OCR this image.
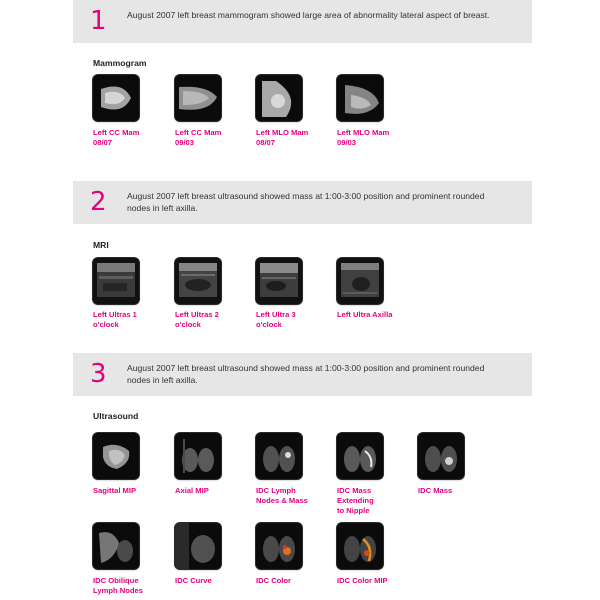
1 August 2007 left breast mammogram showed large area of abnormality lateral aspect of breast.
Mammogram
Left CC Mam
08/07
Left CC Mam
09/03
Left MLO Mam
08/07
Left MLO Mam
09/03
2 August 2007 left breast ultrasound showed mass at 1:00-3:00 position and prominent rounded nodes in left axilla.
MRI
Left Ultras 1
o'clock
Left Ultras 2
o'clock
Left Ultra 3
o'clock
Left Ultra Axilla
3 August 2007 left breast ultrasound showed mass at 1:00-3:00 position and prominent rounded nodes in left axilla.
Ultrasound
Sagittal MIP	Axial MIP	IDC Lymph
Nodes & Mass
IDC Mass
Extending
to Nipple
IDC Mass
IDC Obilique
Lymph Nodes
IDC Curve	IDC Color	IDC Color MIP
